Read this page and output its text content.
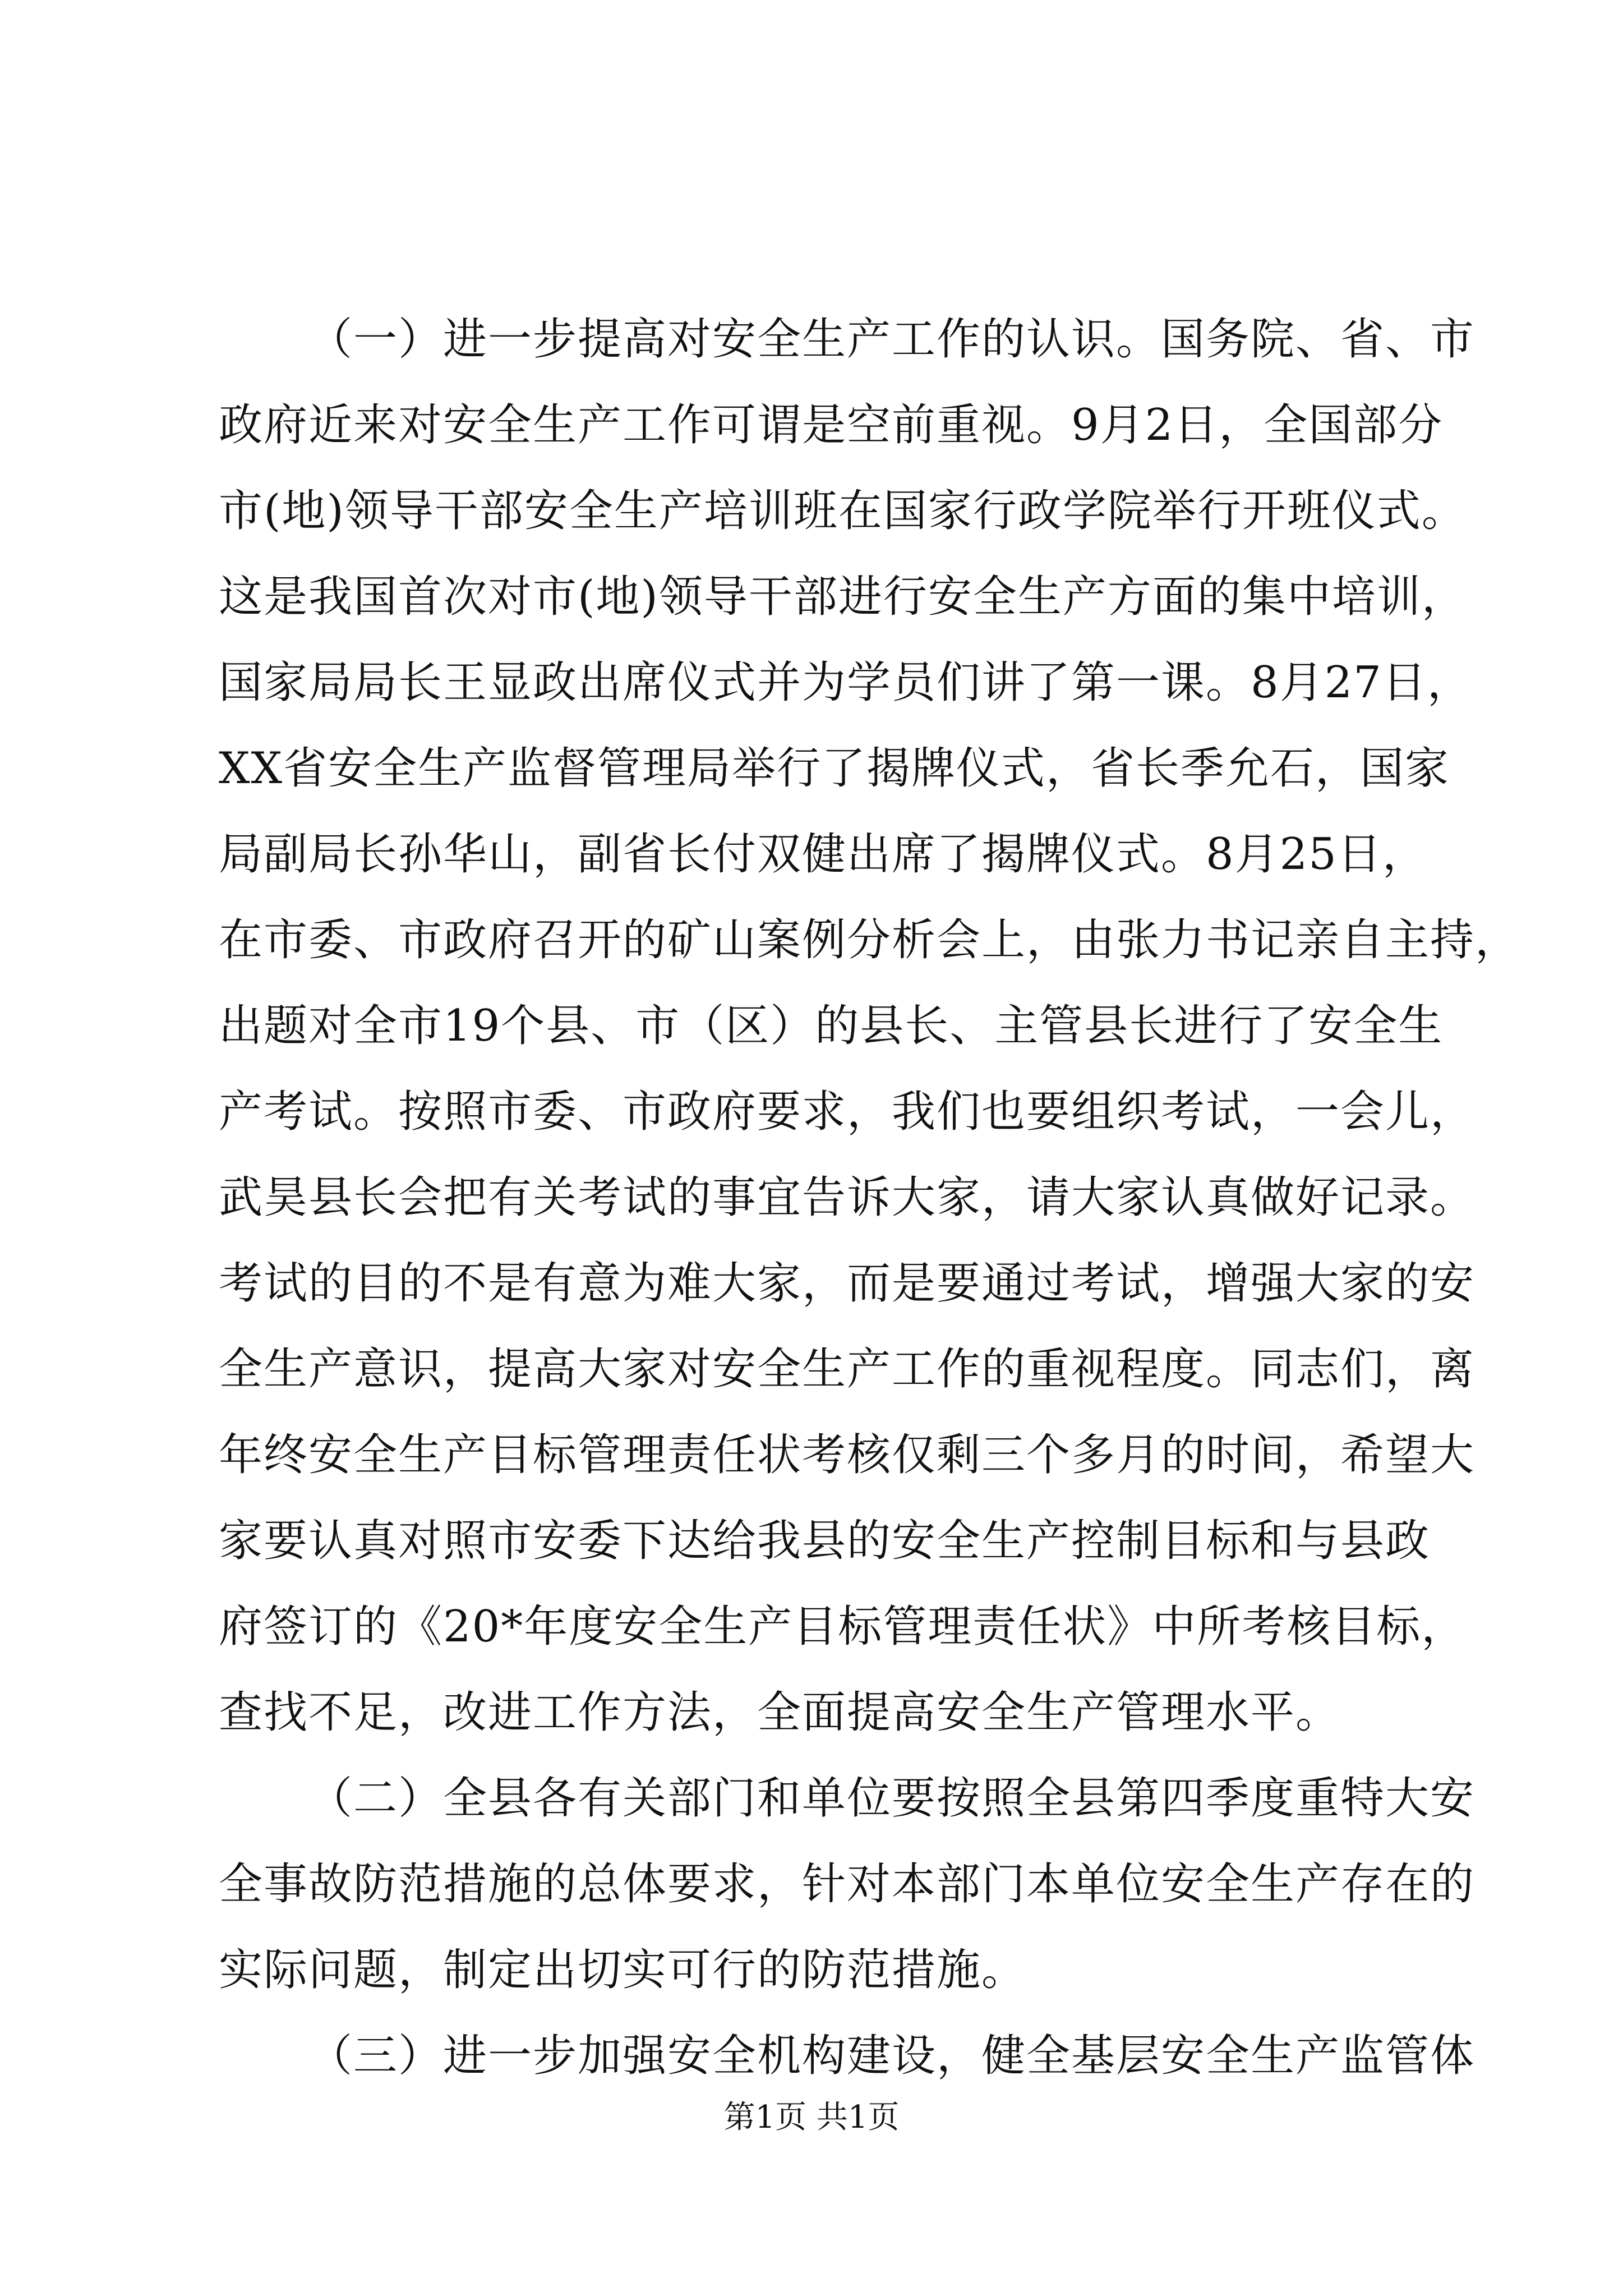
（一）进一步提高对安全生产工作的认识。国务院、省、市
政府近来对安全生产工作可谓是空前重视。9月2日，全国部分
市(地)领导干部安全生产培训班在国家行政学院举行开班仪式。
这是我国首次对市(地)领导干部进行安全生产方面的集中培训，
国家局局长王显政出席仪式并为学员们讲了第一课。8月27日，
XX省安全生产监督管理局举行了揭牌仪式，省长季允石，国家
局副局长孙华山，副省长付双健出席了揭牌仪式。8月25日，
在市委、市政府召开的矿山案例分析会上，由张力书记亲自主持，
出题对全市19个县、市（区）的县长、主管县长进行了安全生
产考试。按照市委、市政府要求，我们也要组织考试，一会儿，
武昊县长会把有关考试的事宜告诉大家，请大家认真做好记录。
考试的目的不是有意为难大家，而是要通过考试，增强大家的安
全生产意识，提高大家对安全生产工作的重视程度。同志们，离
年终安全生产目标管理责任状考核仅剩三个多月的时间，希望大
家要认真对照市安委下达给我县的安全生产控制目标和与县政
府签订的《20*年度安全生产目标管理责任状》中所考核目标，
查找不足，改进工作方法，全面提高安全生产管理水平。
（二）全县各有关部门和单位要按照全县第四季度重特大安
全事故防范措施的总体要求，针对本部门本单位安全生产存在的
实际问题，制定出切实可行的防范措施。
（三）进一步加强安全机构建设，健全基层安全生产监管体
第1页 共1页
